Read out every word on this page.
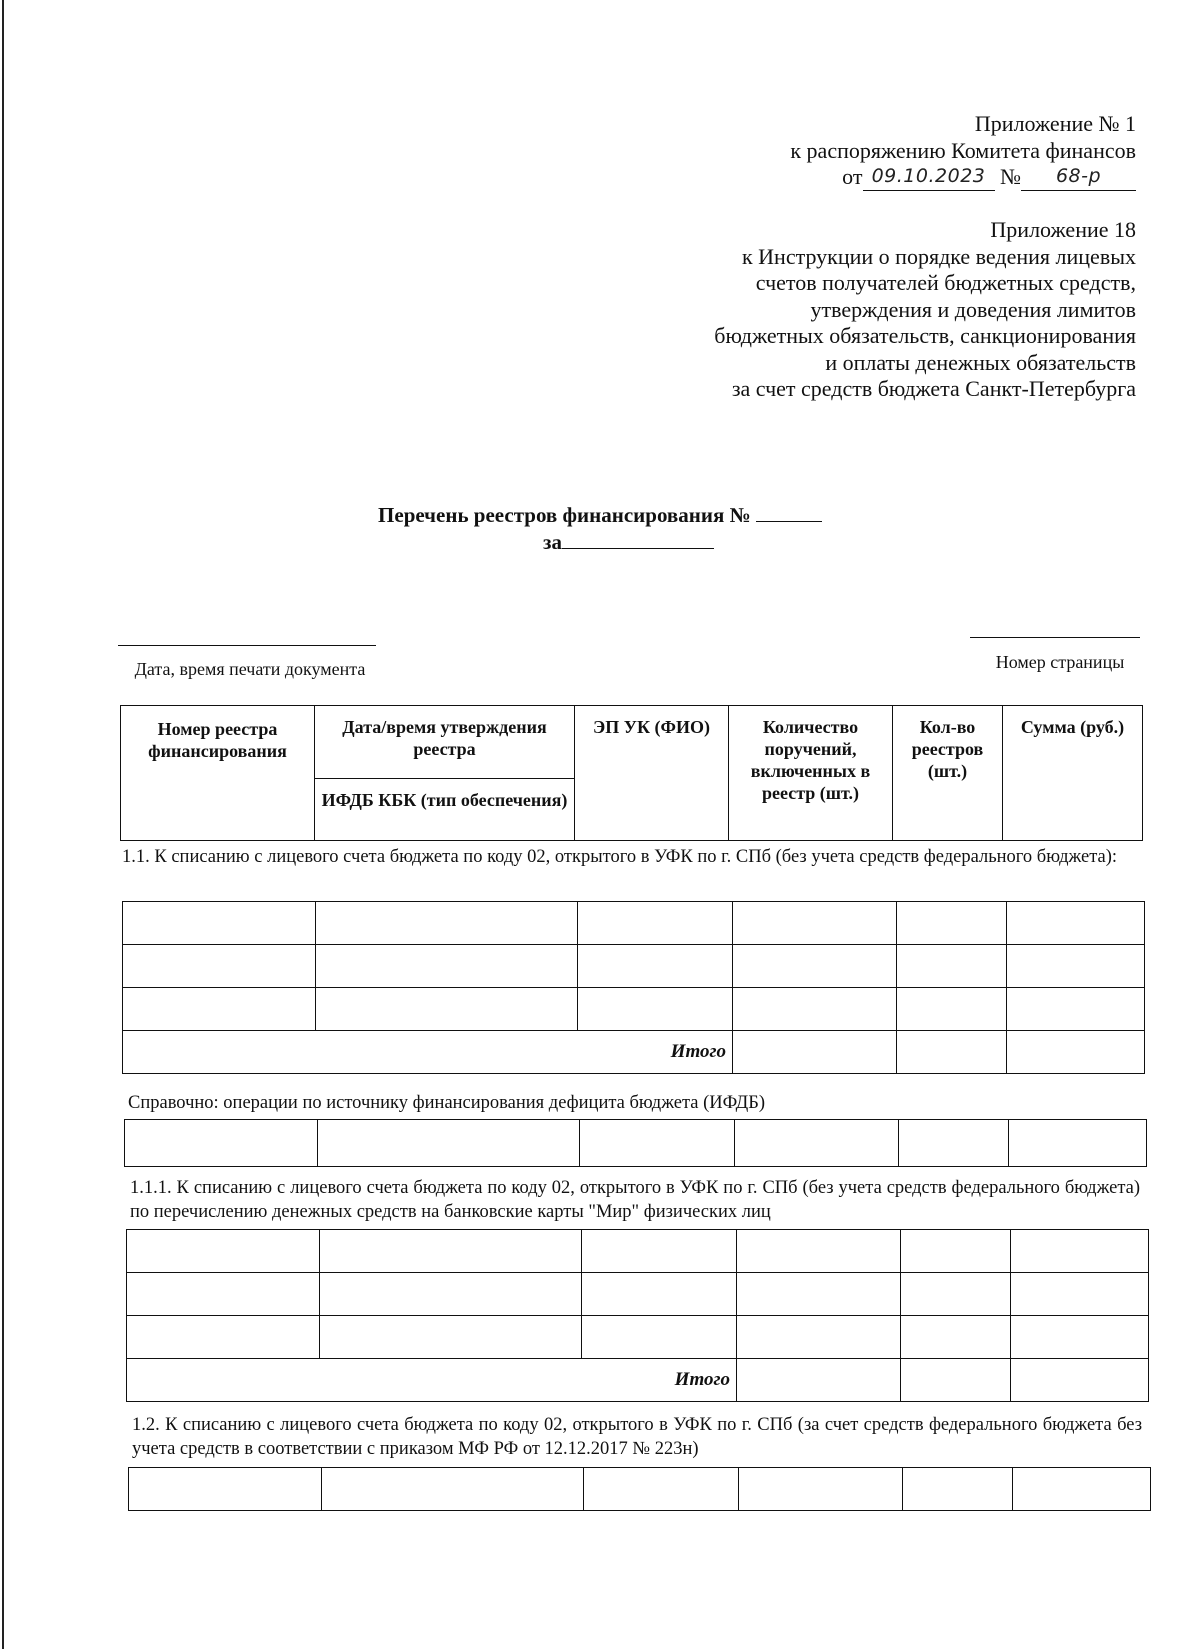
Приложение № 1
к распоряжению Комитета финансов
от 09.10.2023 № 68-р
Приложение 18
к Инструкции о порядке ведения лицевых
счетов получателей бюджетных средств,
утверждения и доведения лимитов
бюджетных обязательств, санкционирования
и оплаты денежных обязательств
за счет средств бюджета Санкт-Петербурга
Перечень реестров финансирования №
за
Дата, время печати документа	Номер страницы
Номер реестра финансирования	Дата/время утверждения реестра	ЭП УК (ФИО)	Количество поручений, включенных в реестр (шт.)	Кол-во реестров (шт.)	Сумма (руб.)
ИФДБ КБК (тип обеспечения)
1.1. К списанию с лицевого счета бюджета по коду 02, открытого в УФК по г. СПб (без учета средств федерального бюджета):

Итого					
Справочно: операции по источнику финансирования дефицита бюджета (ИФДБ)

1.1.1. К списанию с лицевого счета бюджета по коду 02, открытого в УФК по г. СПб (без учета средств федерального бюджета) по перечислению денежных средств на банковские карты "Мир" физических лиц

Итого					
1.2. К списанию с лицевого счета бюджета по коду 02, открытого в УФК по г. СПб (за счет средств федерального бюджета без учета средств в соответствии с приказом МФ РФ от 12.12.2017 № 223н)
